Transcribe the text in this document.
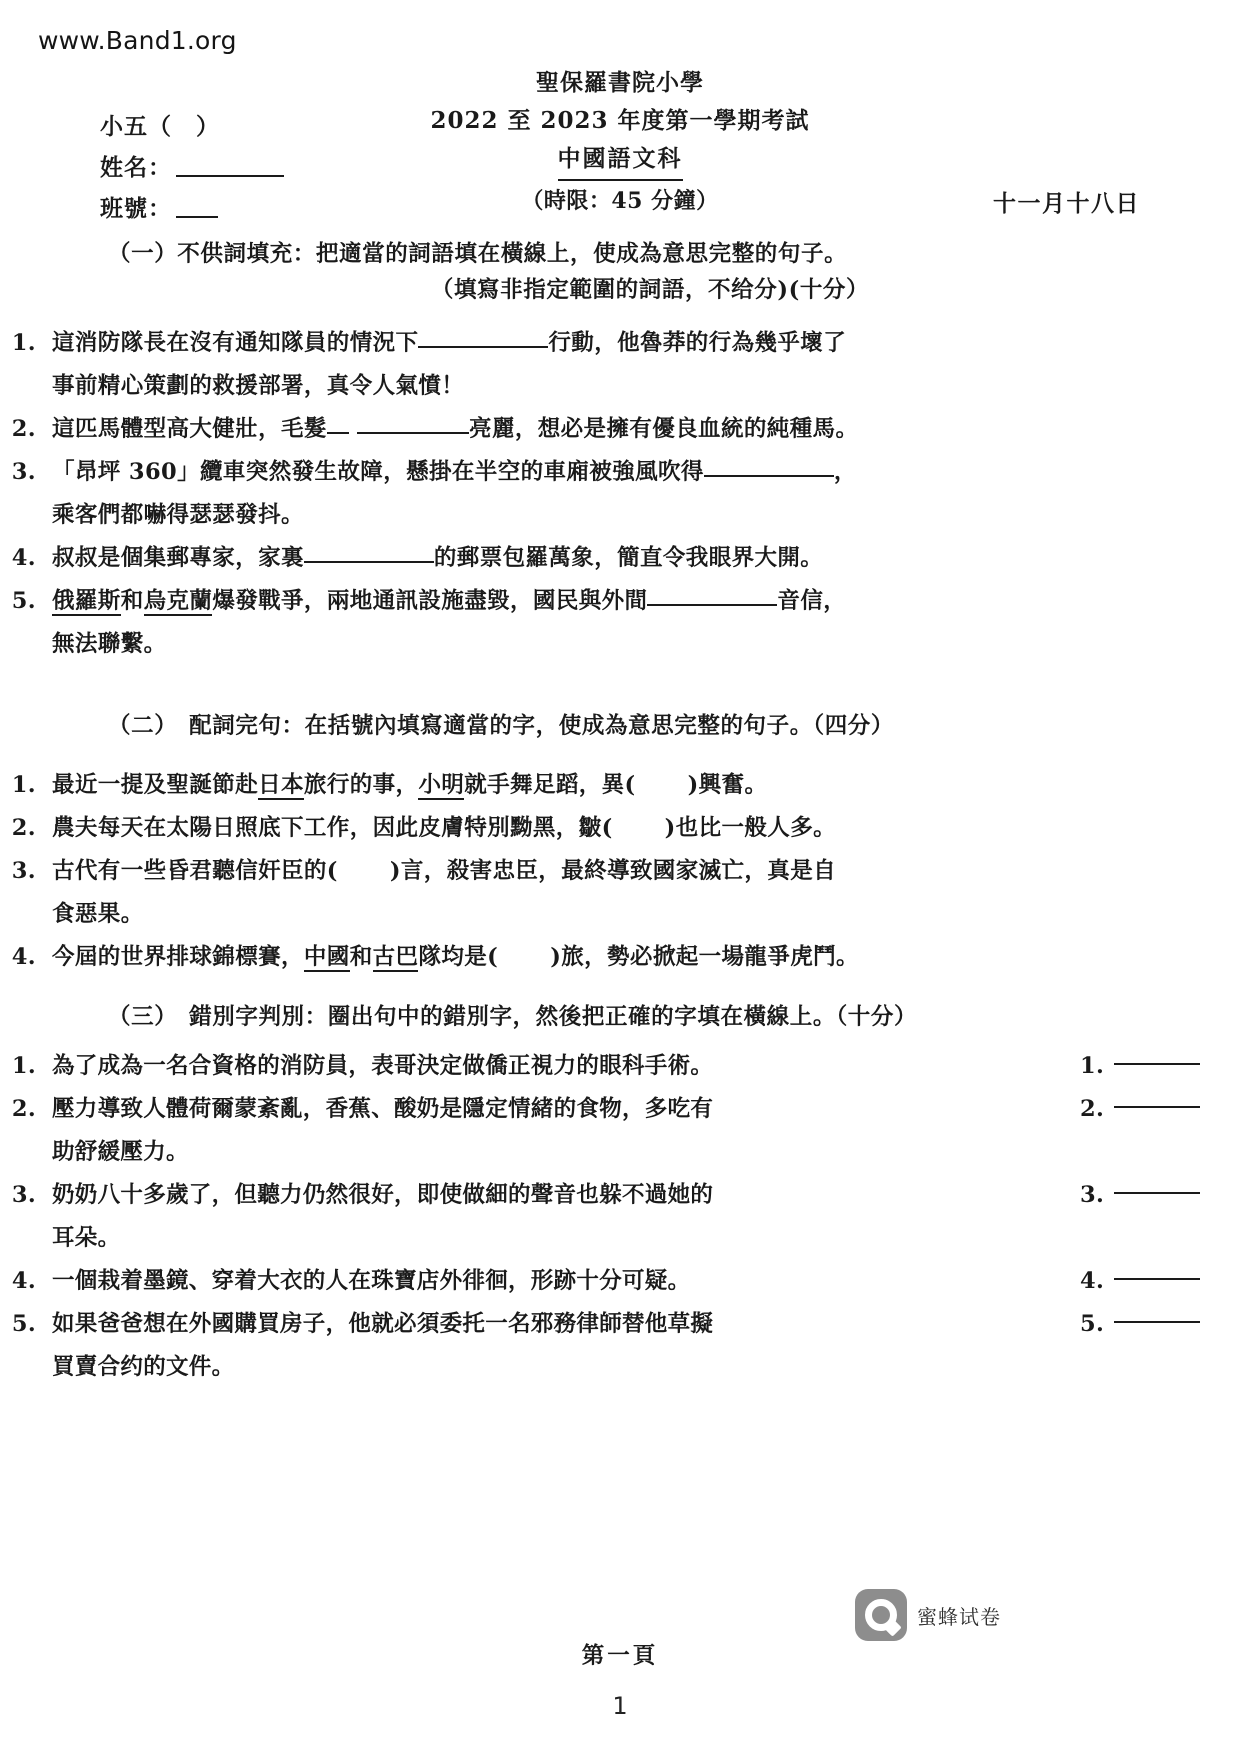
www.Band1.org
小五（　）
姓名：
班號：
聖保羅書院小學
2022 至 2023 年度第一學期考試
中國語文科
（時限：45 分鐘）	十一月十八日
（一）不供詞填充：把適當的詞語填在橫線上，使成為意思完整的句子。
（填寫非指定範圍的詞語，不给分)(十分）
1. 這消防隊長在沒有通知隊員的情況下	行動，他魯莽的行為幾乎壞了
事前精心策劃的救援部署，真令人氣憤！
2. 這匹馬體型高大健壯，毛髮	亮麗，想必是擁有優良血統的純種馬。
3. 「昂坪 360」纜車突然發生故障，懸掛在半空的車廂被強風吹得	，
乘客們都嚇得瑟瑟發抖。
4. 叔叔是個集郵專家，家裏	的郵票包羅萬象，簡直令我眼界大開。
5. 俄羅斯和烏克蘭爆發戰爭，兩地通訊設施盡毀，國民與外間	音信，
無法聯繫。
（二）　配詞完句：在括號內填寫適當的字，使成為意思完整的句子。（四分）
1. 最近一提及聖誕節赴日本旅行的事，小明就手舞足蹈，異( )興奮。
2. 農夫每天在太陽日照底下工作，因此皮膚特別黝黑，皺( )也比一般人多。
3. 古代有一些昏君聽信奸臣的( )言，殺害忠臣，最終導致國家滅亡，真是自
食惡果。
4. 今屆的世界排球錦標賽，中國和古巴隊均是( )旅，勢必掀起一場龍爭虎鬥。
（三）　錯別字判別：圈出句中的錯別字，然後把正確的字填在橫線上。（十分）
1. 為了成為一名合資格的消防員，表哥決定做僑正視力的眼科手術。	1.
2. 壓力導致人體荷爾蒙紊亂，香蕉、酸奶是隱定情緒的食物，多吃有
助舒緩壓力。
2.
3. 奶奶八十多歲了，但聽力仍然很好，即使做細的聲音也躲不過她的
耳朵。
3.
4. 一個栽着墨鏡、穿着大衣的人在珠寶店外徘徊，形跡十分可疑。	4.
5. 如果爸爸想在外國購買房子，他就必須委托一名邪務律師替他草擬
買賣合约的文件。
5.
蜜蜂试卷
第一頁
1
